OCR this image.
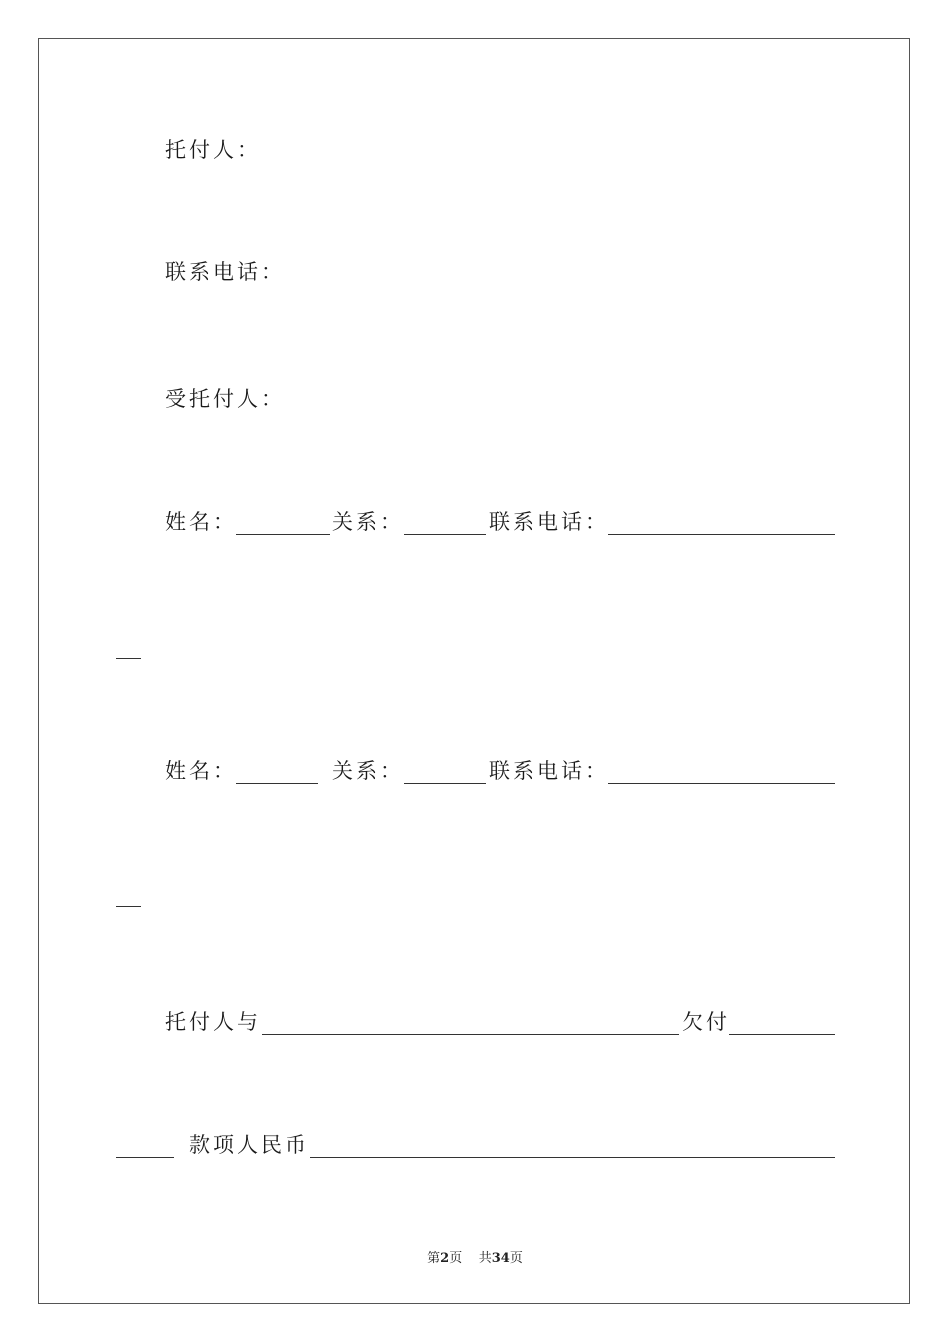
托付人：
联系电话：
受托付人：
姓名：	关系：	联系电话：
姓名：	关系：	联系电话：
托付人与	欠付
款项人民币
第2页 共34页
